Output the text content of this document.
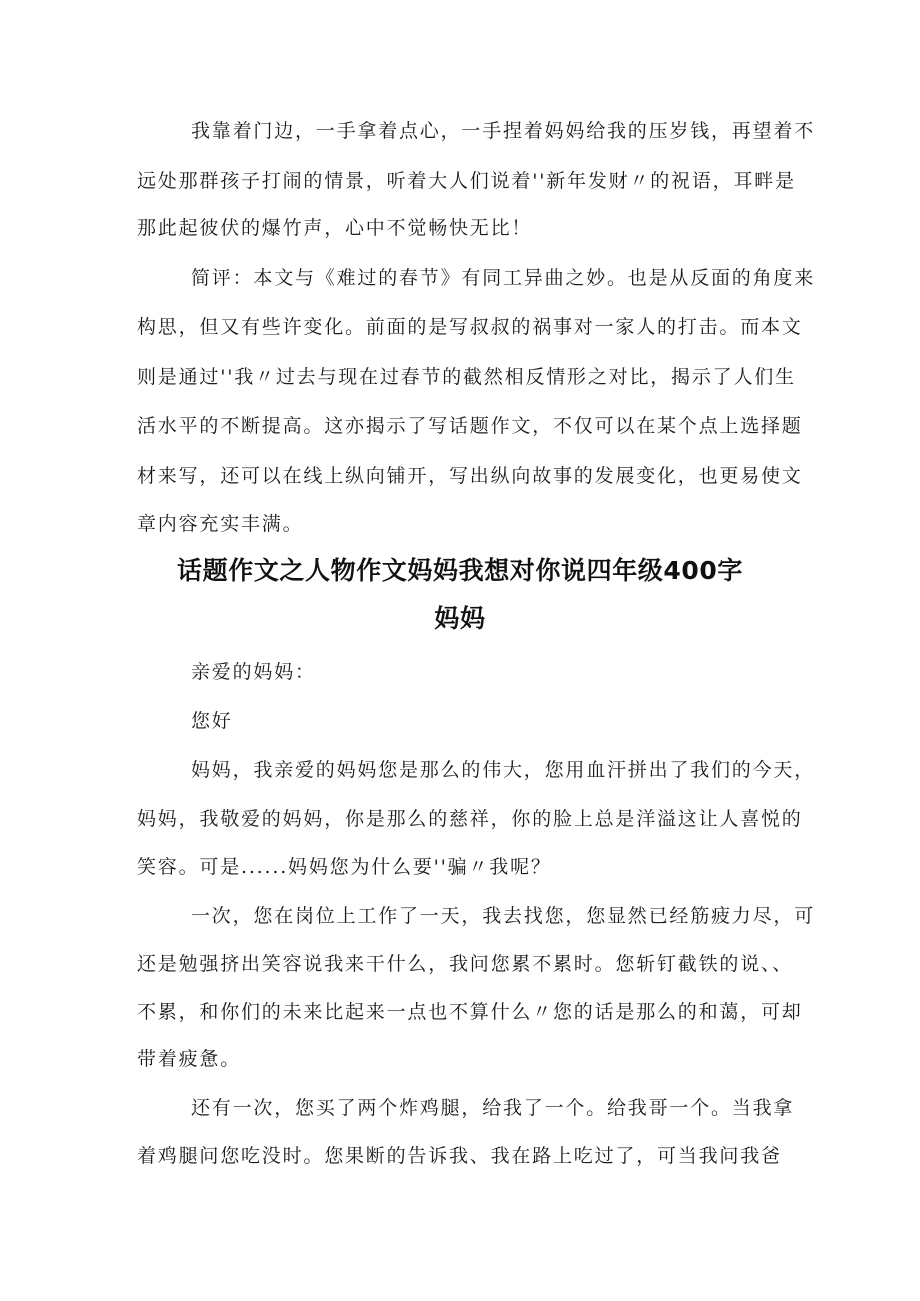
我靠着门边，一手拿着点心，一手捏着妈妈给我的压岁钱，再望着不

远处那群孩子打闹的情景，听着大人们说着''新年发财〃的祝语，耳畔是

那此起彼伏的爆竹声，心中不觉畅快无比！

简评：本文与《难过的春节》有同工异曲之妙。也是从反面的角度来

构思，但又有些许变化。前面的是写叔叔的祸事对一家人的打击。而本文

则是通过''我〃过去与现在过春节的截然相反情形之对比，揭示了人们生

活水平的不断提高。这亦揭示了写话题作文，不仅可以在某个点上选择题

材来写，还可以在线上纵向铺开，写出纵向故事的发展变化，也更易使文

章内容充实丰满。

话题作文之人物作文妈妈我想对你说四年级400字
妈妈

亲爱的妈妈：

您好

妈妈，我亲爱的妈妈您是那么的伟大，您用血汗拼出了我们的今天，

妈妈，我敬爱的妈妈，你是那么的慈祥，你的脸上总是洋溢这让人喜悦的

笑容。可是......妈妈您为什么要''骗〃我呢？

一次，您在岗位上工作了一天，我去找您，您显然已经筋疲力尽，可

还是勉强挤出笑容说我来干什么，我问您累不累时。您斩钉截铁的说、、

不累，和你们的未来比起来一点也不算什么〃您的话是那么的和蔼，可却

带着疲惫。

还有一次，您买了两个炸鸡腿，给我了一个。给我哥一个。当我拿

着鸡腿问您吃没时。您果断的告诉我、我在路上吃过了，可当我问我爸
